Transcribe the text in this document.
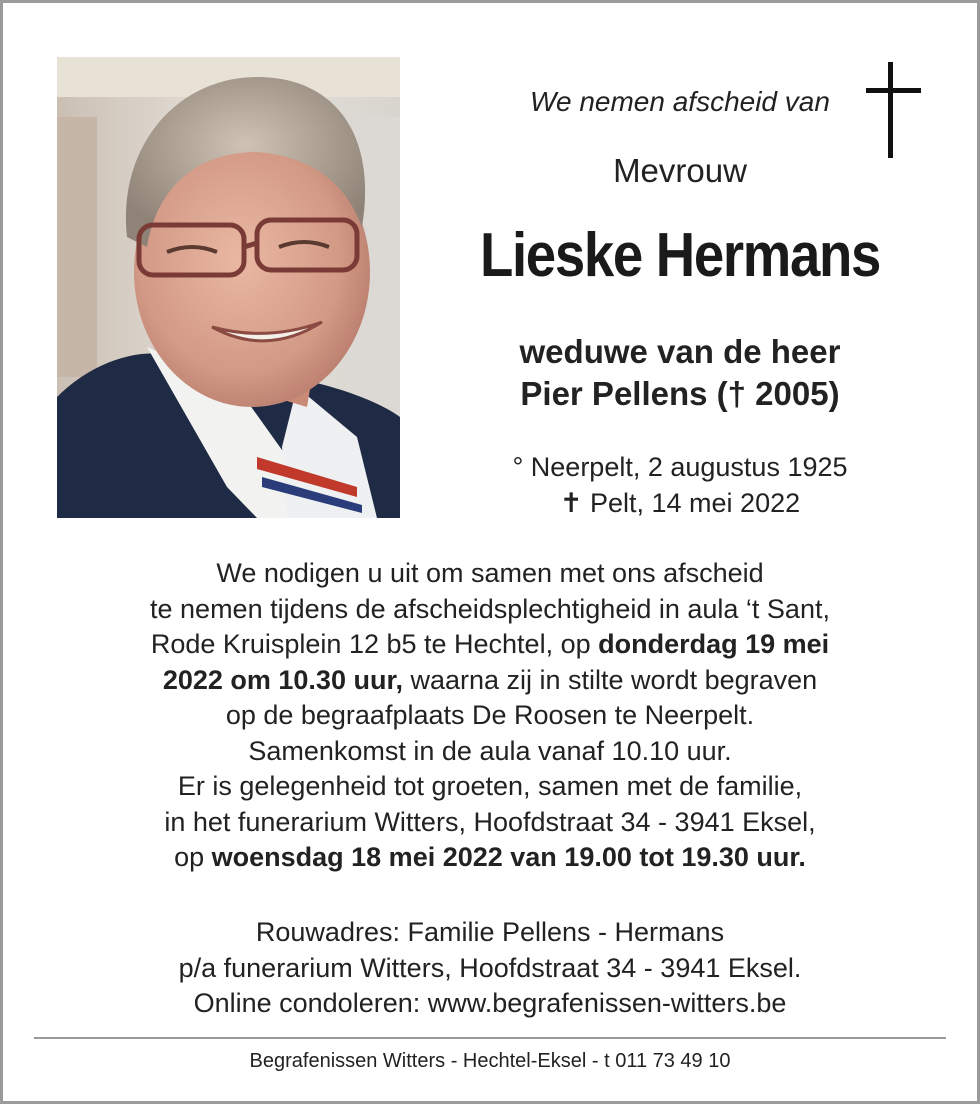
We nemen afscheid van
Mevrouw
Lieske Hermans
weduwe van de heer
Pier Pellens († 2005)
° Neerpelt, 2 augustus 1925
✝ Pelt, 14 mei 2022
We nodigen u uit om samen met ons afscheid
te nemen tijdens de afscheidsplechtigheid in aula ‘t Sant,
Rode Kruisplein 12 b5 te Hechtel, op donderdag 19 mei
2022 om 10.30 uur, waarna zij in stilte wordt begraven
op de begraafplaats De Roosen te Neerpelt.
Samenkomst in de aula vanaf 10.10 uur.
Er is gelegenheid tot groeten, samen met de familie,
in het funerarium Witters, Hoofdstraat 34 - 3941 Eksel,
op woensdag 18 mei 2022 van 19.00 tot 19.30 uur.
Rouwadres: Familie Pellens - Hermans
p/a funerarium Witters, Hoofdstraat 34 - 3941 Eksel.
Online condoleren: www.begrafenissen-witters.be
Begrafenissen Witters - Hechtel-Eksel - t 011 73 49 10
